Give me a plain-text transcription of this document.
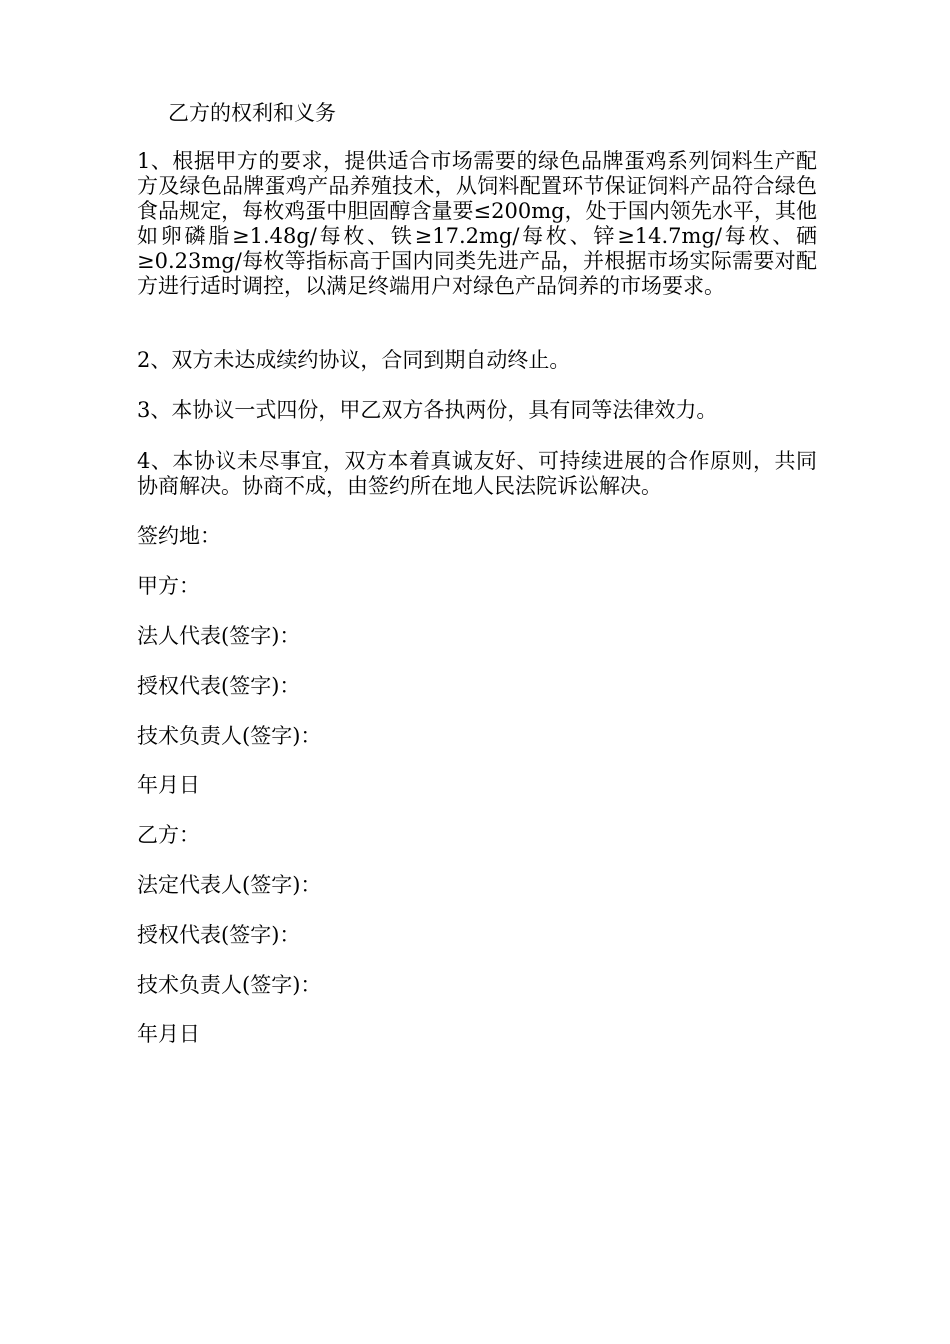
乙方的权利和义务

1、根据甲方的要求，提供适合市场需要的绿色品牌蛋鸡系列饲料生产配方及绿色品牌蛋鸡产品养殖技术，从饲料配置环节保证饲料产品符合绿色食品规定，每枚鸡蛋中胆固醇含量要≤200mg，处于国内领先水平，其他如卵磷脂≥1.48g/每枚、铁≥17.2mg/每枚、锌≥14.7mg/每枚、硒≥0.23mg/每枚等指标高于国内同类先进产品，并根据市场实际需要对配方进行适时调控，以满足终端用户对绿色产品饲养的市场要求。

2、双方未达成续约协议，合同到期自动终止。

3、本协议一式四份，甲乙双方各执两份，具有同等法律效力。

4、本协议未尽事宜，双方本着真诚友好、可持续进展的合作原则，共同协商解决。协商不成，由签约所在地人民法院诉讼解决。

签约地：
甲方：
法人代表(签字)：
授权代表(签字)：
技术负责人(签字)：
年月日
乙方：
法定代表人(签字)：
授权代表(签字)：
技术负责人(签字)：
年月日
